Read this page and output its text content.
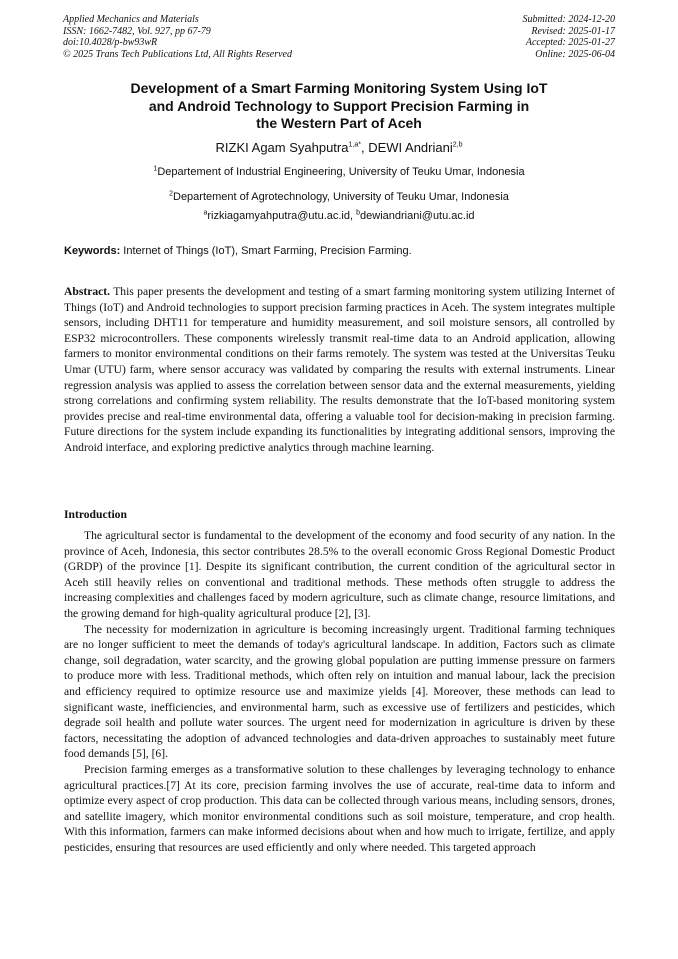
Applied Mechanics and Materials
ISSN: 1662-7482, Vol. 927, pp 67-79
doi:10.4028/p-bw93wR
© 2025 Trans Tech Publications Ltd, All Rights Reserved
Submitted: 2024-12-20
Revised: 2025-01-17
Accepted: 2025-01-27
Online: 2025-06-04
Development of a Smart Farming Monitoring System Using IoT
and Android Technology to Support Precision Farming in
the Western Part of Aceh
RIZKI Agam Syahputra$^{1,a*}$, DEWI Andriani$^{2,b}$
$^1$Departement of Industrial Engineering, University of Teuku Umar, Indonesia
$^2$Departement of Agrotechnology, University of Teuku Umar, Indonesia
$^a$rizkiagamyahputra@utu.ac.id, $^b$dewiandriani@utu.ac.id
Keywords: Internet of Things (IoT), Smart Farming, Precision Farming.

Abstract. This paper presents the development and testing of a smart farming monitoring system utilizing Internet of Things (IoT) and Android technologies to support precision farming practices in Aceh. The system integrates multiple sensors, including DHT11 for temperature and humidity measurement, and soil moisture sensors, all controlled by ESP32 microcontrollers. These components wirelessly transmit real-time data to an Android application, allowing farmers to monitor environmental conditions on their farms remotely. The system was tested at the Universitas Teuku Umar (UTU) farm, where sensor accuracy was validated by comparing the results with external instruments. Linear regression analysis was applied to assess the correlation between sensor data and the external measurements, yielding strong correlations and confirming system reliability. The results demonstrate that the IoT-based monitoring system provides precise and real-time environmental data, offering a valuable tool for decision-making in precision farming. Future directions for the system include expanding its functionalities by integrating additional sensors, improving the Android interface, and exploring predictive analytics through machine learning.

Introduction

The agricultural sector is fundamental to the development of the economy and food security of any nation. In the province of Aceh, Indonesia, this sector contributes 28.5% to the overall economic Gross Regional Domestic Product (GRDP) of the province [1]. Despite its significant contribution, the current condition of the agricultural sector in Aceh still heavily relies on conventional and traditional methods. These methods often struggle to address the increasing complexities and challenges faced by modern agriculture, such as climate change, resource limitations, and the growing demand for high-quality agricultural produce [2], [3].

The necessity for modernization in agriculture is becoming increasingly urgent. Traditional farming techniques are no longer sufficient to meet the demands of today's agricultural landscape. In addition, Factors such as climate change, soil degradation, water scarcity, and the growing global population are putting immense pressure on farmers to produce more with less. Traditional methods, which often rely on intuition and manual labour, lack the precision and efficiency required to optimize resource use and maximize yields [4]. Moreover, these methods can lead to significant waste, inefficiencies, and environmental harm, such as excessive use of fertilizers and pesticides, which degrade soil health and pollute water sources. The urgent need for modernization in agriculture is driven by these factors, necessitating the adoption of advanced technologies and data-driven approaches to sustainably meet future food demands [5], [6].

Precision farming emerges as a transformative solution to these challenges by leveraging technology to enhance agricultural practices.[7] At its core, precision farming involves the use of accurate, real-time data to inform and optimize every aspect of crop production. This data can be collected through various means, including sensors, drones, and satellite imagery, which monitor environmental conditions such as soil moisture, temperature, and crop health. With this information, farmers can make informed decisions about when and how much to irrigate, fertilize, and apply pesticides, ensuring that resources are used efficiently and only where needed. This targeted approach
